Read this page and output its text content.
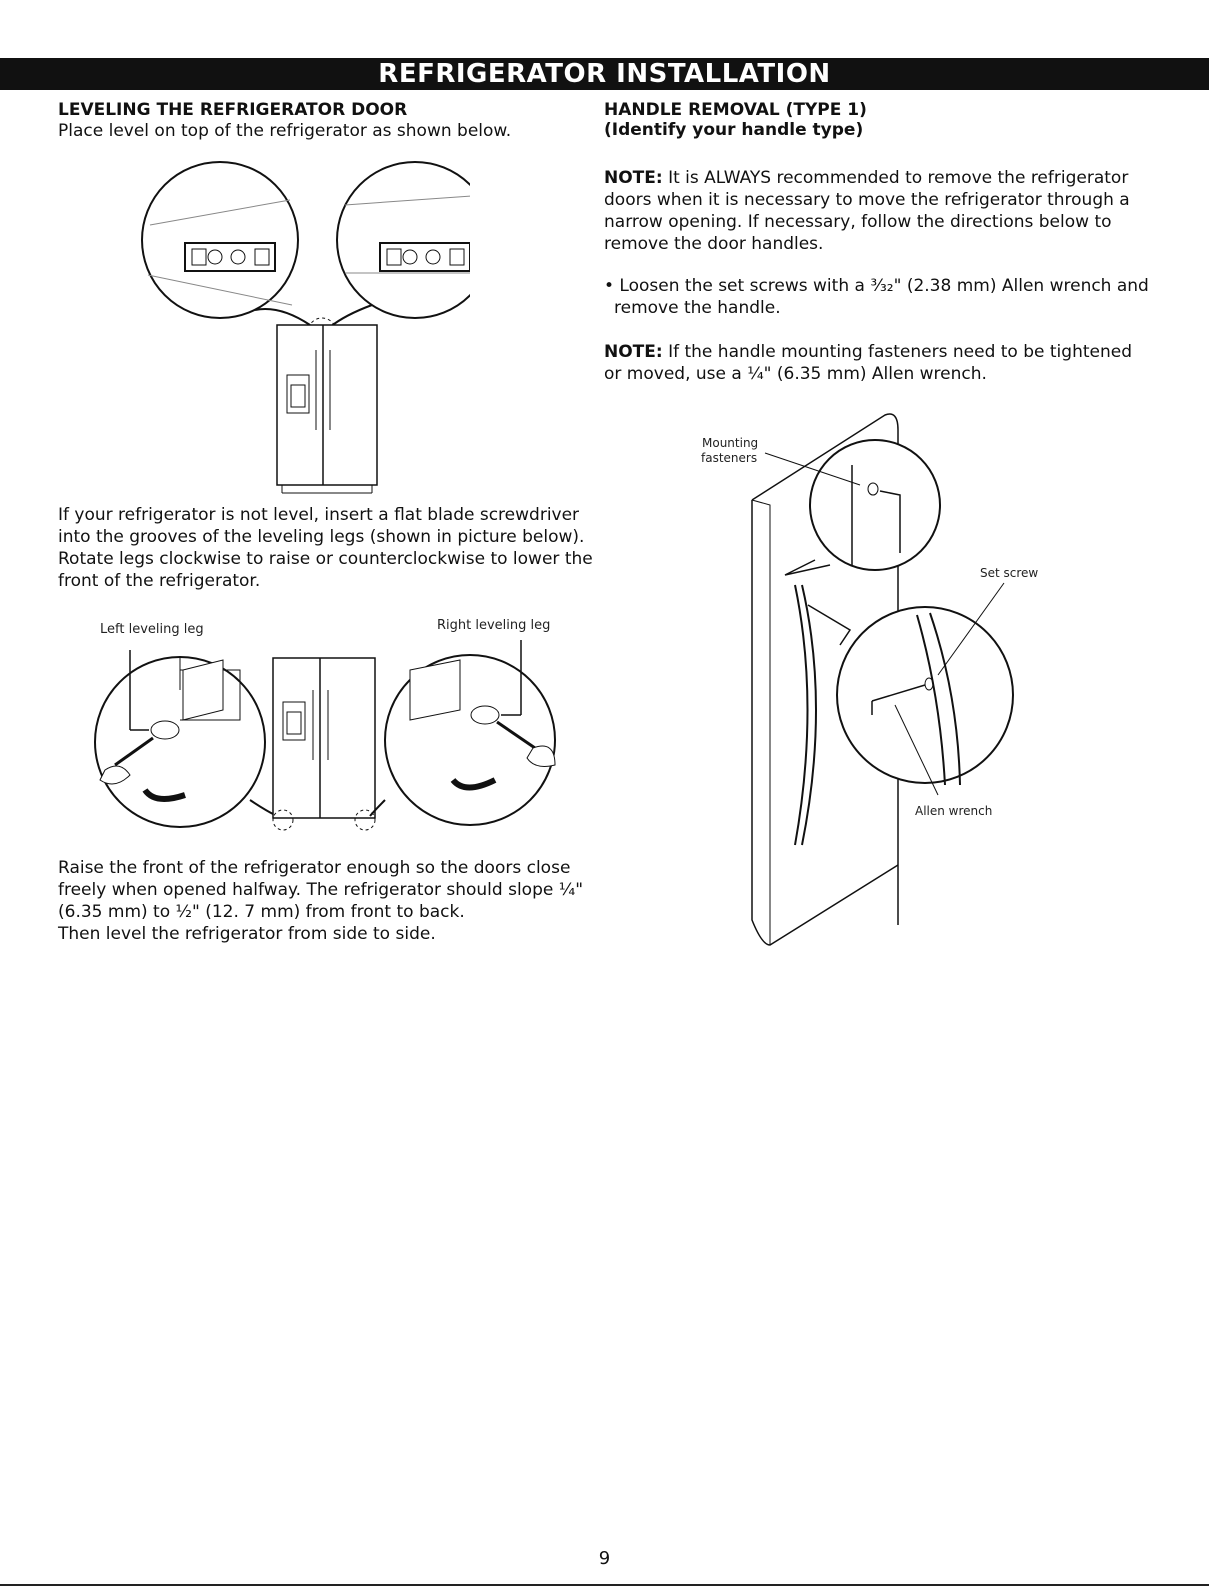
REFRIGERATOR INSTALLATION
LEVELING THE REFRIGERATOR DOOR

Place level on top of the refrigerator as shown below.

If your refrigerator is not level, insert a flat blade screwdriver

into the grooves of the leveling legs (shown in picture below).

Rotate legs clockwise to raise or counterclockwise to lower the

front of the refrigerator.

Left leveling leg	Right leveling leg

Raise the front of the refrigerator enough so the doors close

freely when opened halfway. The refrigerator should slope ¼"

(6.35 mm) to ½" (12. 7 mm) from front to back.

Then level the refrigerator from side to side.

HANDLE REMOVAL (TYPE 1)
(Identify your handle type)

NOTE: It is ALWAYS recommended to remove the refrigerator

doors when it is necessary to move the refrigerator through a

narrow opening. If necessary, follow the directions below to

remove the door handles.

• Loosen the set screws with a ³⁄₃₂" (2.38 mm) Allen wrench and

remove the handle.

NOTE: If the handle mounting fasteners need to be tightened

or moved, use a ¼" (6.35 mm) Allen wrench.

Mounting
fasteners
Set screw
Allen wrench
9
